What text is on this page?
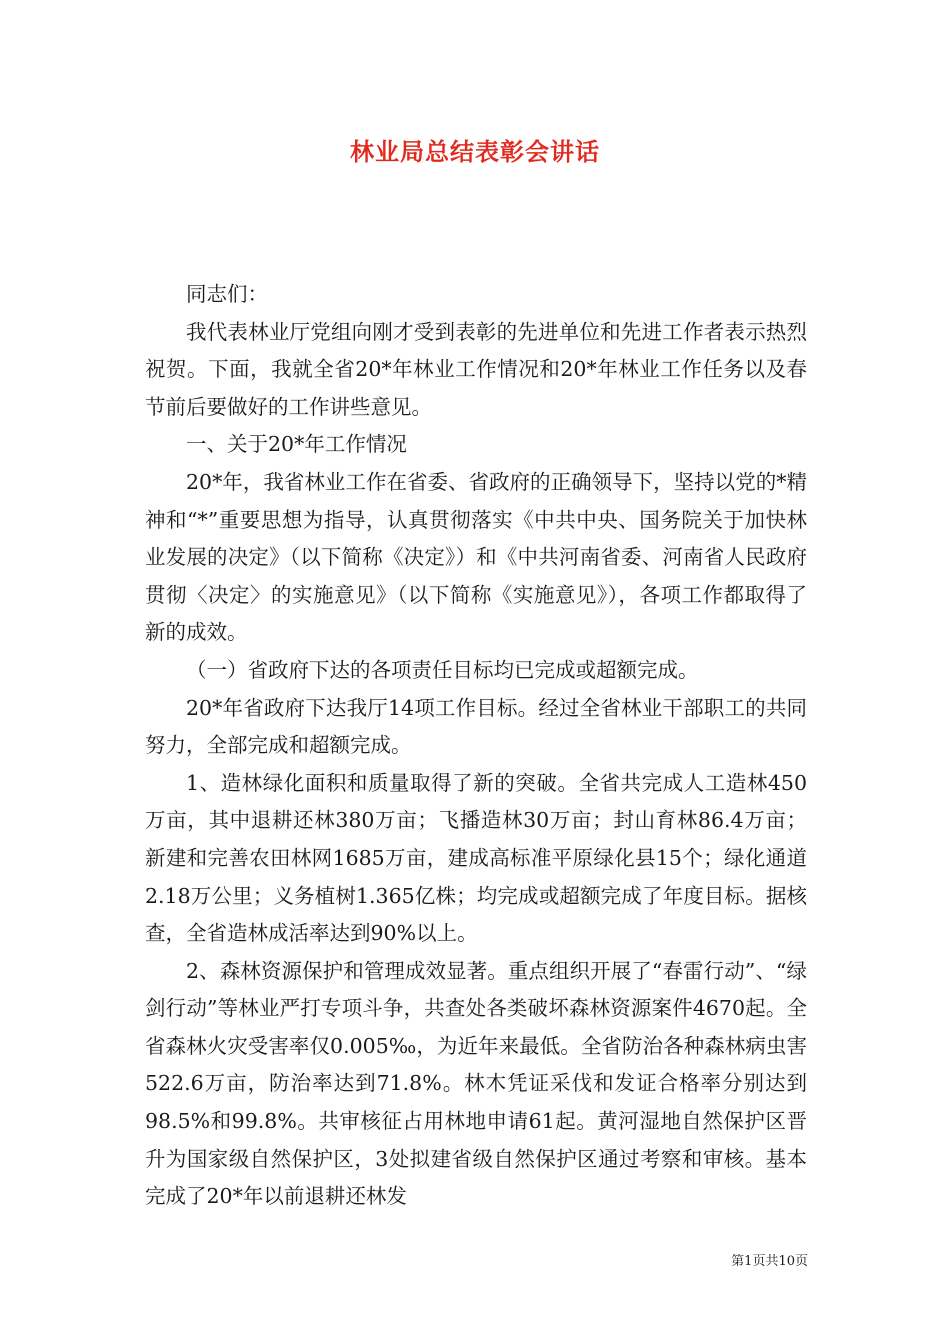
林业局总结表彰会讲话

同志们：

我代表林业厅党组向刚才受到表彰的先进单位和先进工作者表示热烈祝贺。下面，我就全省20*年林业工作情况和20*年林业工作任务以及春节前后要做好的工作讲些意见。

一、关于20*年工作情况

20*年，我省林业工作在省委、省政府的正确领导下，坚持以党的*精神和“*”重要思想为指导，认真贯彻落实《中共中央、国务院关于加快林业发展的决定》（以下简称《决定》）和《中共河南省委、河南省人民政府贯彻〈决定〉的实施意见》（以下简称《实施意见》），各项工作都取得了新的成效。

（一）省政府下达的各项责任目标均已完成或超额完成。

20*年省政府下达我厅14项工作目标。经过全省林业干部职工的共同努力，全部完成和超额完成。

1、造林绿化面积和质量取得了新的突破。全省共完成人工造林450万亩，其中退耕还林380万亩；飞播造林30万亩；封山育林86.4万亩；新建和完善农田林网1685万亩，建成高标准平原绿化县15个；绿化通道2.18万公里；义务植树1.365亿株；均完成或超额完成了年度目标。据核查，全省造林成活率达到90%以上。

2、森林资源保护和管理成效显著。重点组织开展了“春雷行动”、“绿剑行动”等林业严打专项斗争，共查处各类破坏森林资源案件4670起。全省森林火灾受害率仅0.005‰，为近年来最低。全省防治各种森林病虫害522.6万亩，防治率达到71.8%。林木凭证采伐和发证合格率分别达到98.5%和99.8%。共审核征占用林地申请61起。黄河湿地自然保护区晋升为国家级自然保护区，3处拟建省级自然保护区通过考察和审核。基本完成了20*年以前退耕还林发

第1页共10页
